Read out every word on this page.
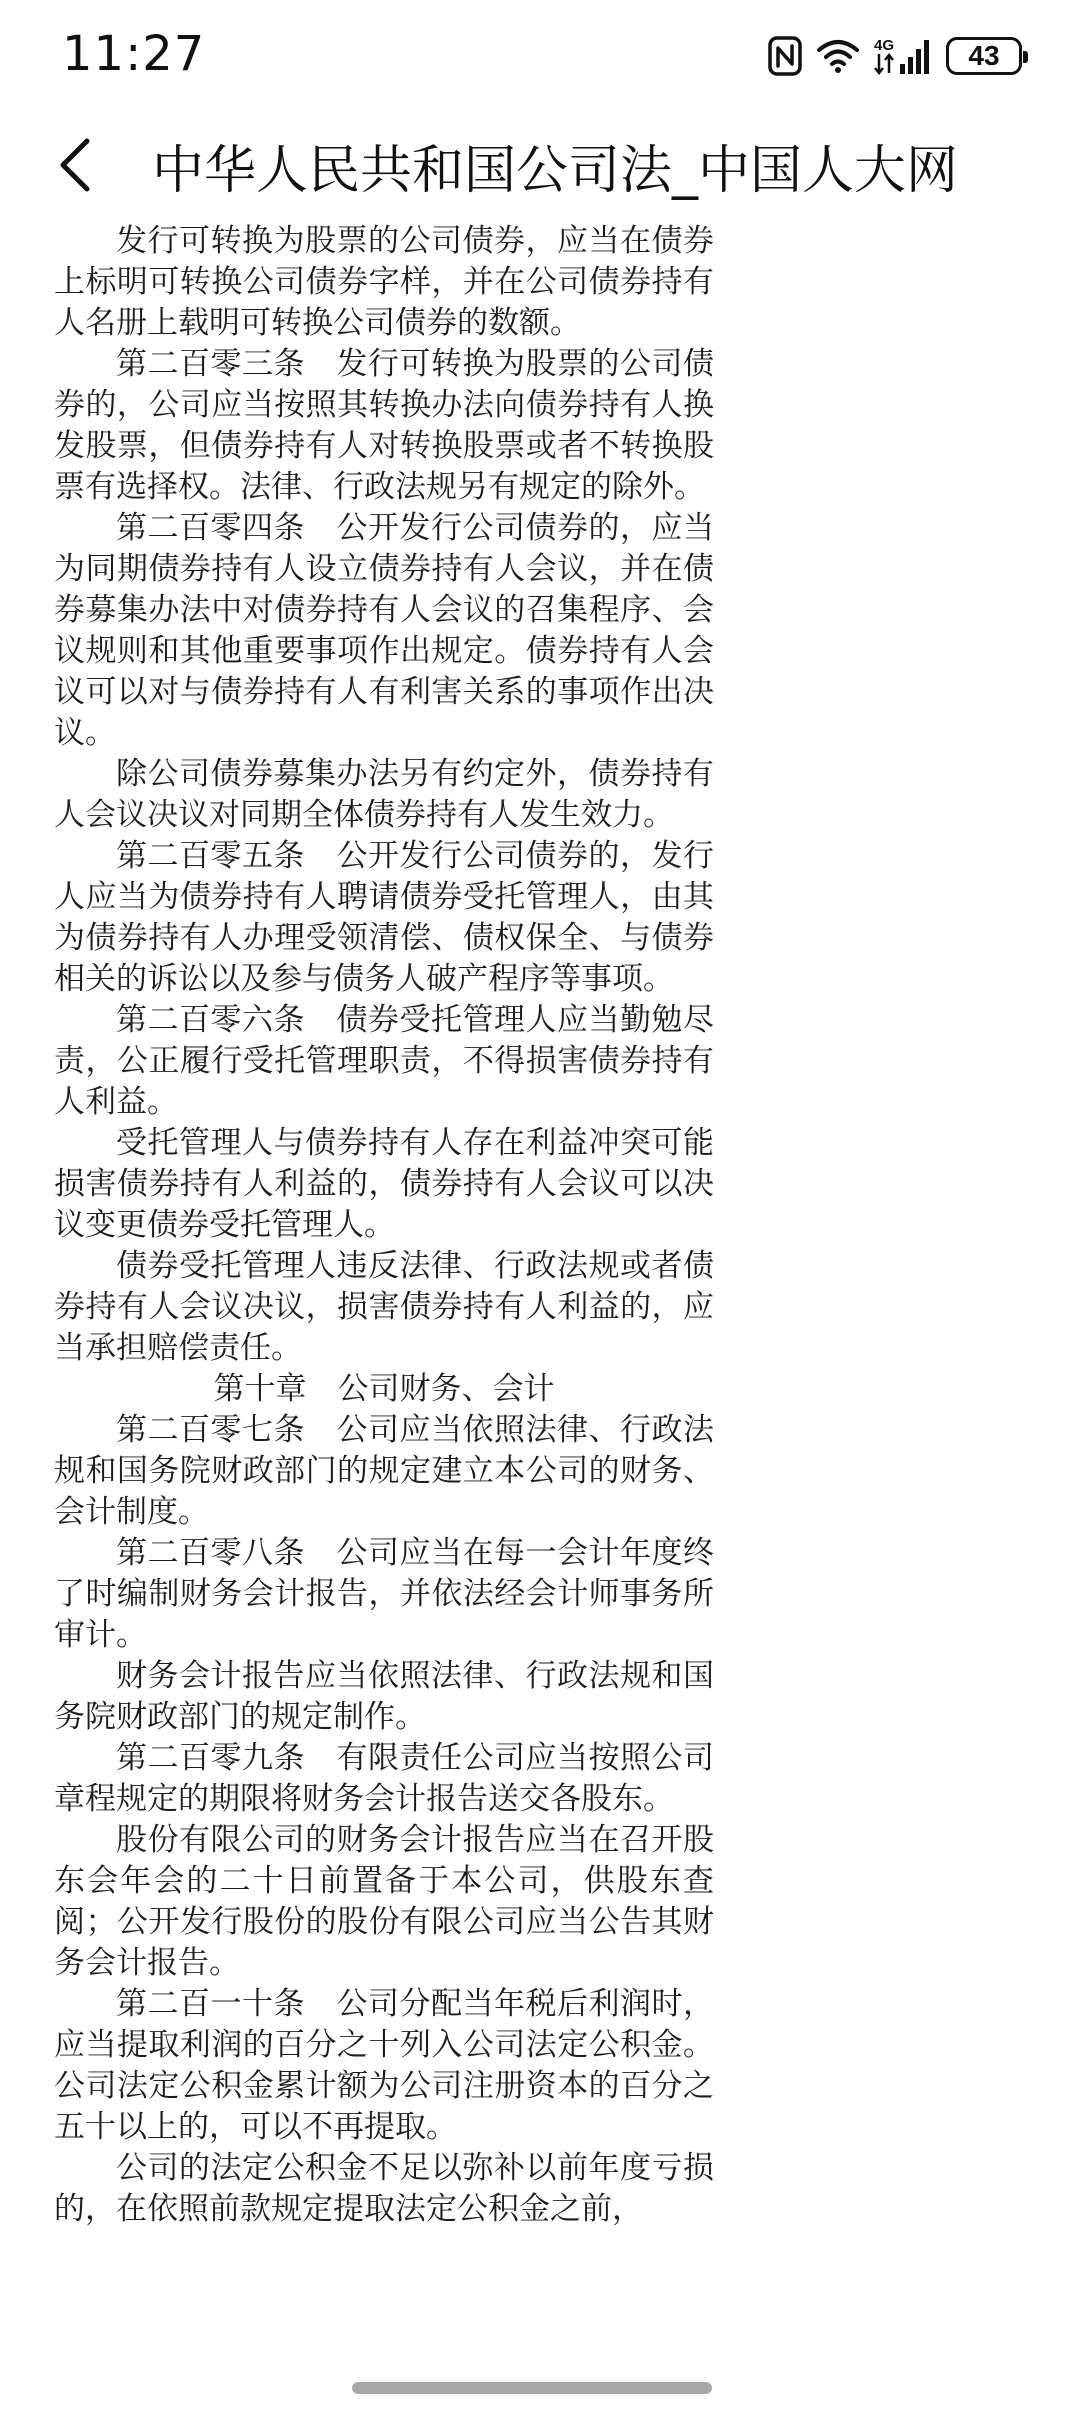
11:27	4G	43
中华人民共和国公司法_中国人大网

发行可转换为股票的公司债券，应当在债券上标明可转换公司债券字样，并在公司债券持有人名册上载明可转换公司债券的数额。

第二百零三条　发行可转换为股票的公司债券的，公司应当按照其转换办法向债券持有人换发股票，但债券持有人对转换股票或者不转换股票有选择权。法律、行政法规另有规定的除外。

第二百零四条　公开发行公司债券的，应当为同期债券持有人设立债券持有人会议，并在债券募集办法中对债券持有人会议的召集程序、会议规则和其他重要事项作出规定。债券持有人会议可以对与债券持有人有利害关系的事项作出决议。

除公司债券募集办法另有约定外，债券持有人会议决议对同期全体债券持有人发生效力。

第二百零五条　公开发行公司债券的，发行人应当为债券持有人聘请债券受托管理人，由其为债券持有人办理受领清偿、债权保全、与债券相关的诉讼以及参与债务人破产程序等事项。

第二百零六条　债券受托管理人应当勤勉尽责，公正履行受托管理职责，不得损害债券持有人利益。

受托管理人与债券持有人存在利益冲突可能损害债券持有人利益的，债券持有人会议可以决议变更债券受托管理人。

债券受托管理人违反法律、行政法规或者债券持有人会议决议，损害债券持有人利益的，应当承担赔偿责任。

第十章　公司财务、会计

第二百零七条　公司应当依照法律、行政法规和国务院财政部门的规定建立本公司的财务、会计制度。

第二百零八条　公司应当在每一会计年度终了时编制财务会计报告，并依法经会计师事务所审计。

财务会计报告应当依照法律、行政法规和国务院财政部门的规定制作。

第二百零九条　有限责任公司应当按照公司章程规定的期限将财务会计报告送交各股东。

股份有限公司的财务会计报告应当在召开股东会年会的二十日前置备于本公司，供股东查阅；公开发行股份的股份有限公司应当公告其财务会计报告。

第二百一十条　公司分配当年税后利润时，应当提取利润的百分之十列入公司法定公积金。公司法定公积金累计额为公司注册资本的百分之五十以上的，可以不再提取。

公司的法定公积金不足以弥补以前年度亏损的，在依照前款规定提取法定公积金之前，
